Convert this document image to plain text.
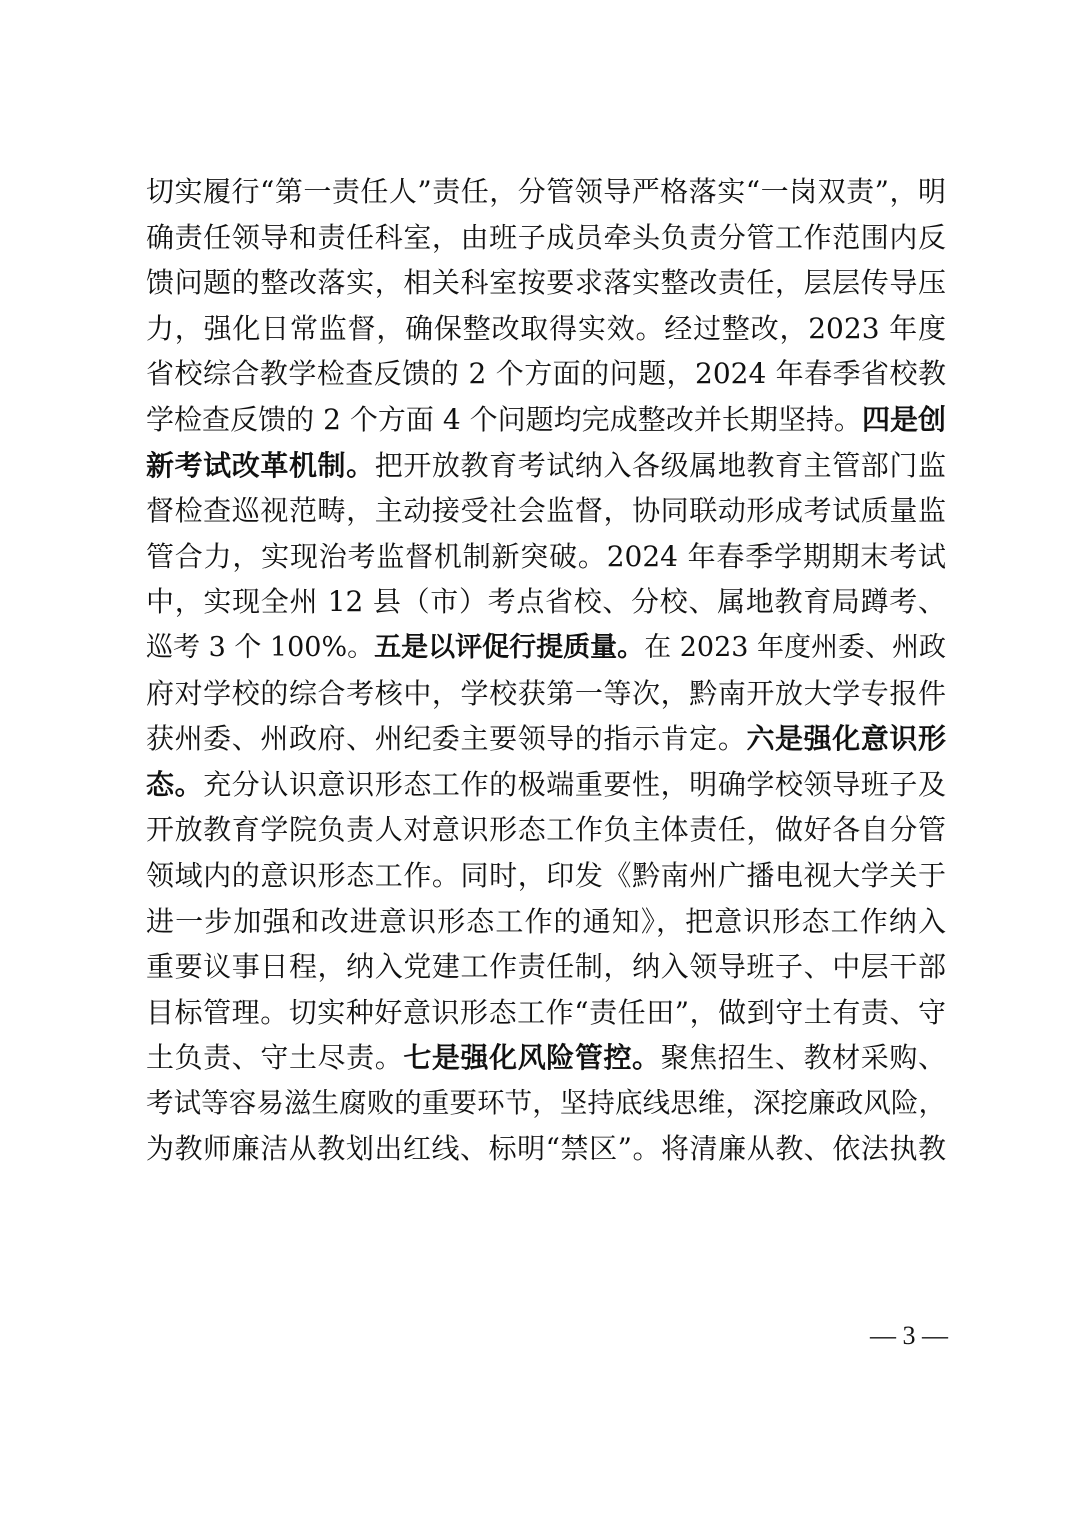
切实履行“第一责任人”责任，分管领导严格落实“一岗双责”，明
确责任领导和责任科室，由班子成员牵头负责分管工作范围内反
馈问题的整改落实，相关科室按要求落实整改责任，层层传导压
力，强化日常监督，确保整改取得实效。经过整改，2023 年度
省校综合教学检查反馈的 2 个方面的问题，2024 年春季省校教
学检查反馈的 2 个方面 4 个问题均完成整改并长期坚持。四是创
新考试改革机制。把开放教育考试纳入各级属地教育主管部门监
督检查巡视范畴，主动接受社会监督，协同联动形成考试质量监
管合力，实现治考监督机制新突破。2024 年春季学期期末考试
中，实现全州 12 县（市）考点省校、分校、属地教育局蹲考、
巡考 3 个 100%。五是以评促行提质量。在 2023 年度州委、州政
府对学校的综合考核中，学校获第一等次，黔南开放大学专报件
获州委、州政府、州纪委主要领导的指示肯定。六是强化意识形
态。充分认识意识形态工作的极端重要性，明确学校领导班子及
开放教育学院负责人对意识形态工作负主体责任，做好各自分管
领域内的意识形态工作。同时，印发《黔南州广播电视大学关于
进一步加强和改进意识形态工作的通知》，把意识形态工作纳入
重要议事日程，纳入党建工作责任制，纳入领导班子、中层干部
目标管理。切实种好意识形态工作“责任田”，做到守土有责、守
土负责、守土尽责。七是强化风险管控。聚焦招生、教材采购、
考试等容易滋生腐败的重要环节，坚持底线思维，深挖廉政风险，
为教师廉洁从教划出红线、标明“禁区”。将清廉从教、依法执教
— 3 —
